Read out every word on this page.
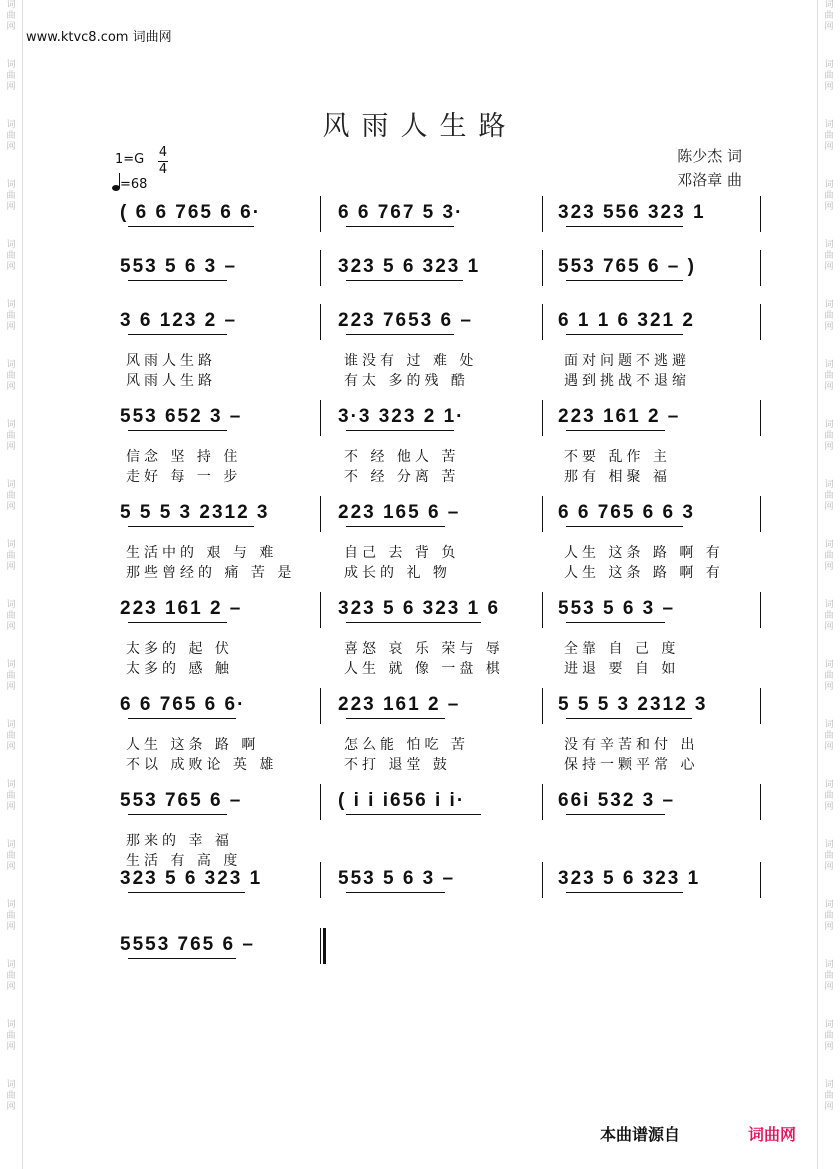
词
曲
网
词
曲
网
词
曲
网
词
曲
网
词
曲
网
词
曲
网
词
曲
网
词
曲
网
词
曲
网
词
曲
网
词
曲
网
词
曲
网
词
曲
网
词
曲
网
词
曲
网
词
曲
网
词
曲
网
词
曲
网
词
曲
网
词
曲
网
词
曲
网
词
曲
网
词
曲
网
词
曲
网
词
曲
网
词
曲
网
词
曲
网
词
曲
网
词
曲
网
词
曲
网
词
曲
网
词
曲
网
词
曲
网
词
曲
网
词
曲
网
词
曲
网
词
曲
网
词
曲
网
www.ktvc8.com 词曲网
风雨人生路
1=G 4
4
=68
陈少杰 词
邓洛章 曲
( 6 6 765 6 6·	6 6 767 5 3·	323 556 323 1
553 5 6 3 –	323 5 6 323 1	553 765 6 – )
3 6 123 2 –
风雨人生路
风雨人生路
223 7653 6 –
谁没有 过 难 处
有太 多的残 酷
6 1 1 6 321 2
面对问题不逃避
遇到挑战不退缩
553 652 3 –
信念 坚 持 住
走好 每 一 步
3·3 323 2 1·
不 经 他人 苦
不 经 分离 苦
223 161 2 –
不要 乱作 主
那有 相聚 福
5 5 5 3 2312 3
生活中的 艰 与 难
那些曾经的 痛 苦 是
223 165 6 –
自己 去 背 负
成长的 礼 物
6 6 765 6 6 3
人生 这条 路 啊 有
人生 这条 路 啊 有
223 161 2 –
太多的 起 伏
太多的 感 触
323 5 6 323 1 6
喜怒 哀 乐 荣与 辱
人生 就 像 一盘 棋
553 5 6 3 –
全靠 自 己 度
进退 要 自 如
6 6 765 6 6·
人生 这条 路 啊
不以 成败论 英 雄
223 161 2 –
怎么能 怕吃 苦
不打 退堂 鼓
5 5 5 3 2312 3
没有辛苦和付 出
保持一颗平常 心
553 765 6 –
那来的 幸 福
生活 有 高 度
( i i i656 i i·	66i 532 3 –
323 5 6 323 1	553 5 6 3 –	323 5 6 323 1
5553 765 6 –
本曲谱源自	词曲网
